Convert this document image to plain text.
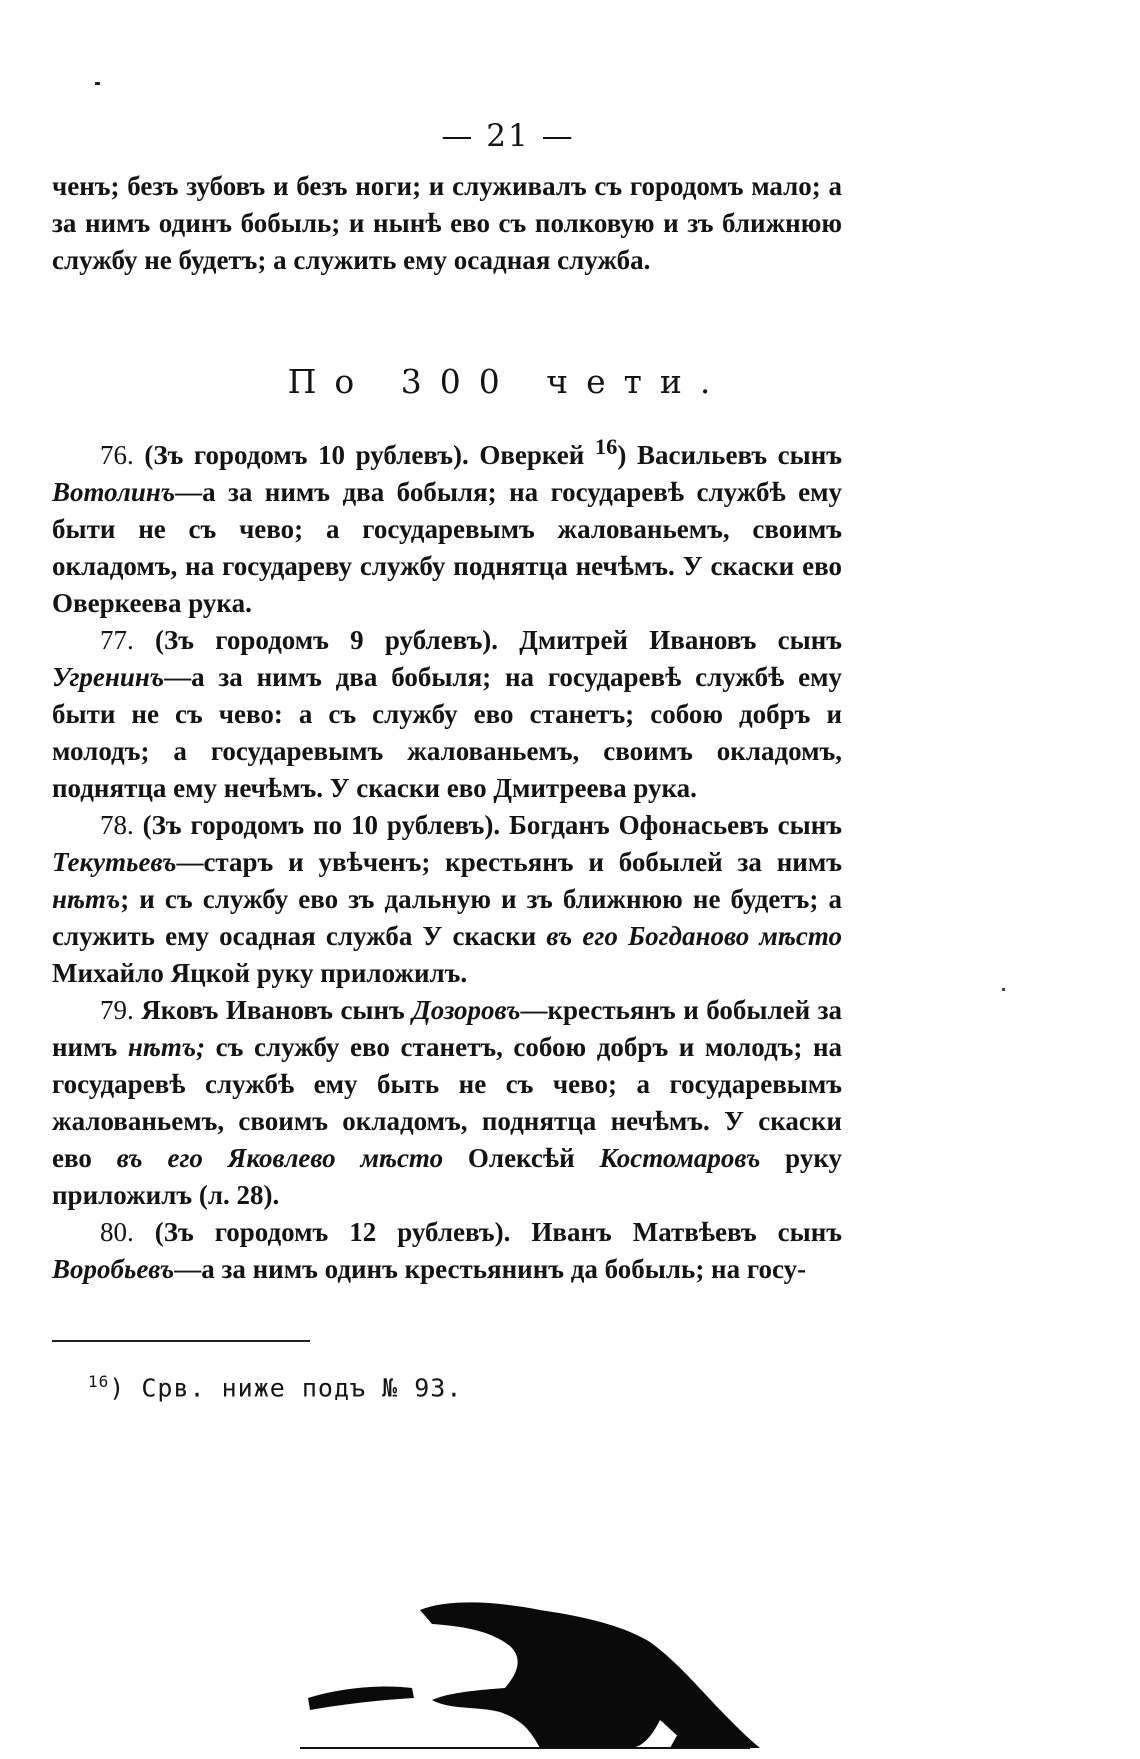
— 21 —

ченъ; безъ зубовъ и безъ ноги; и служивалъ съ городомъ мало; а за нимъ одинъ бобыль; и нынѣ ево съ полковую и зъ ближнюю службу не будетъ; а служить ему осадная служба.

По 300 чети.

76. (Зъ городомъ 10 рублевъ). Оверкей $^{16}$) Васильевъ сынъ Вотолинъ—а за нимъ два бобыля; на государевѣ службѣ ему быти не съ чево; а государевымъ жалованьемъ, своимъ окладомъ, на государеву службу поднятца нечѣмъ. У скаски ево Оверкеева рука.

77. (Зъ городомъ 9 рублевъ). Дмитрей Ивановъ сынъ Угренинъ—а за нимъ два бобыля; на государевѣ службѣ ему быти не съ чево: а съ службу ево станетъ; собою добръ и молодъ; а государевымъ жалованьемъ, своимъ окладомъ, поднятца ему нечѣмъ. У скаски ево Дмитреева рука.

78. (Зъ городомъ по 10 рублевъ). Богданъ Офонасьевъ сынъ Текутьевъ—старъ и увѣченъ; крестьянъ и бобылей за нимъ нѣтъ; и съ службу ево зъ дальную и зъ ближнюю не будетъ; а служить ему осадная служба У скаски въ его Богданово мѣсто Михайло Яцкой руку приложилъ.

79. Яковъ Ивановъ сынъ Дозоровъ—крестьянъ и бобылей за нимъ нѣтъ; съ службу ево станетъ, собою добръ и молодъ; на государевѣ службѣ ему быть не съ чево; а государевымъ жалованьемъ, своимъ окладомъ, поднятца нечѣмъ. У скаски ево въ его Яковлево мѣсто Олексѣй Костомаровъ руку приложилъ (л. 28).

80. (Зъ городомъ 12 рублевъ). Иванъ Матвѣевъ сынъ Воробьевъ—а за нимъ одинъ крестьянинъ да бобыль; на госу-

$^{16}$) Срв. ниже подъ № 93.
